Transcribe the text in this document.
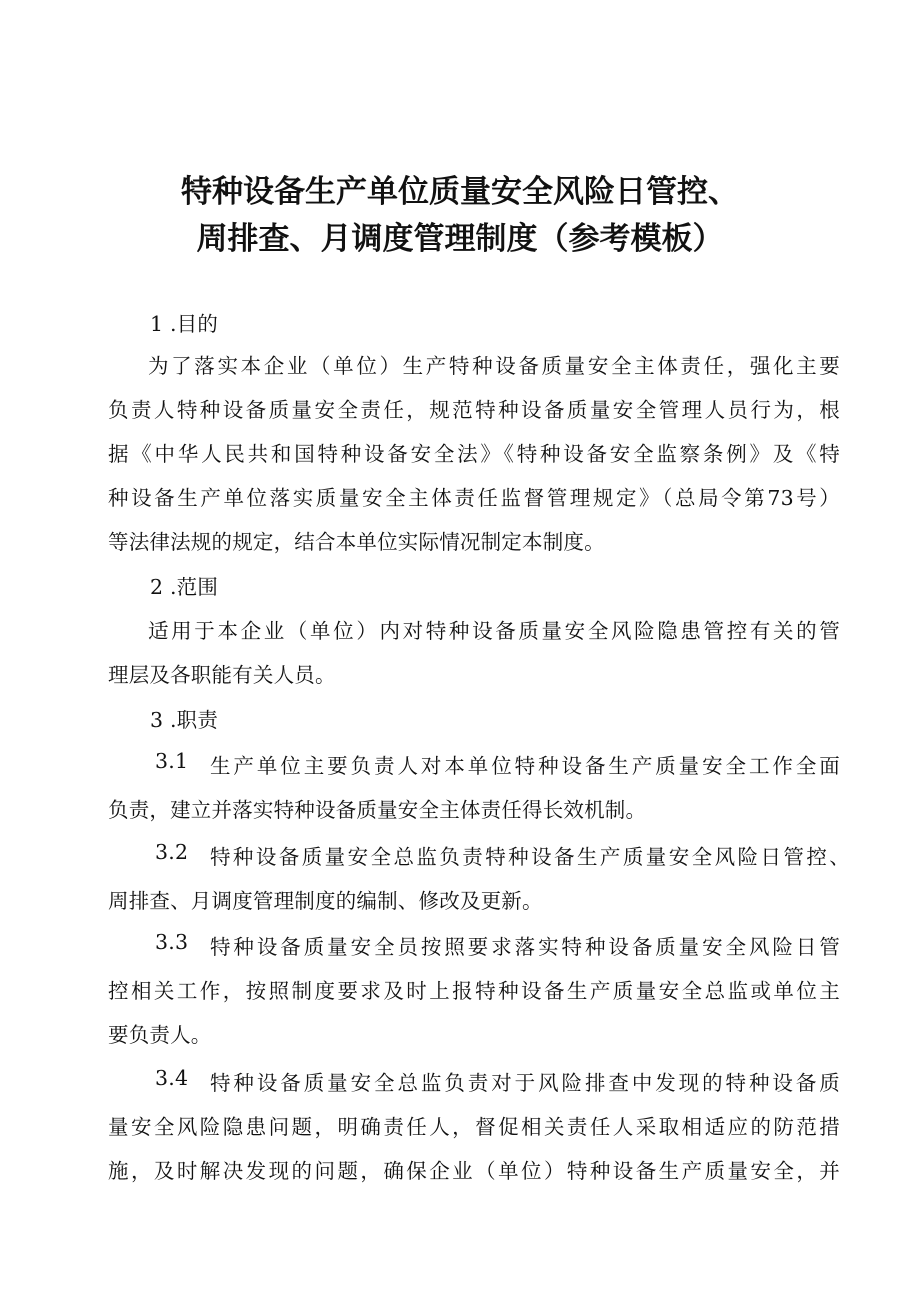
特种设备生产单位质量安全风险日管控、
周排查、月调度管理制度（参考模板）
1 .目的
为了落实本企业（单位）生产特种设备质量安全主体责任，强化主要
负责人特种设备质量安全责任，规范特种设备质量安全管理人员行为，根
据《中华人民共和国特种设备安全法》《特种设备安全监察条例》及《特
种设备生产单位落实质量安全主体责任监督管理规定》（总局令第73号）
等法律法规的规定，结合本单位实际情况制定本制度。
2 .范围
适用于本企业（单位）内对特种设备质量安全风险隐患管控有关的管
理层及各职能有关人员。
3 .职责
3.1 生产单位主要负责人对本单位特种设备生产质量安全工作全面
负责，建立并落实特种设备质量安全主体责任得长效机制。
3.2 特种设备质量安全总监负责特种设备生产质量安全风险日管控、
周排查、月调度管理制度的编制、修改及更新。
3.3 特种设备质量安全员按照要求落实特种设备质量安全风险日管
控相关工作，按照制度要求及时上报特种设备生产质量安全总监或单位主
要负责人。
3.4 特种设备质量安全总监负责对于风险排查中发现的特种设备质
量安全风险隐患问题，明确责任人，督促相关责任人采取相适应的防范措
施，及时解决发现的问题，确保企业（单位）特种设备生产质量安全，并
